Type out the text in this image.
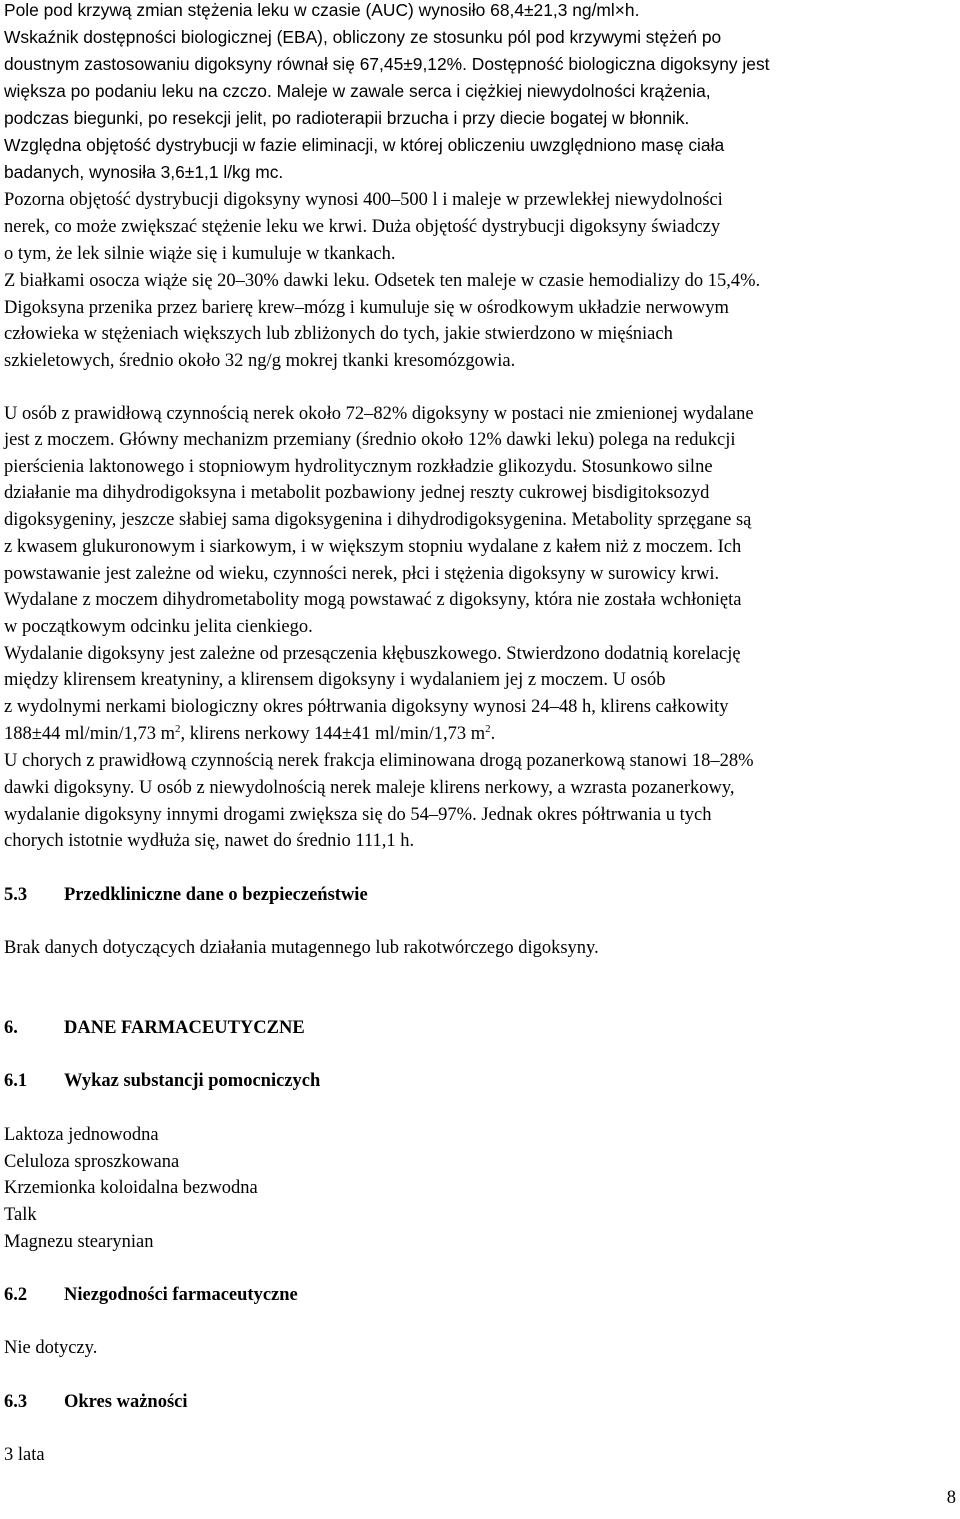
Pole pod krzywą zmian stężenia leku w czasie (AUC) wynosiło 68,4±21,3 ng/ml×h.
Wskaźnik dostępności biologicznej (EBA), obliczony ze stosunku pól pod krzywymi stężeń po
doustnym zastosowaniu digoksyny równał się 67,45±9,12%. Dostępność biologiczna digoksyny jest
większa po podaniu leku na czczo. Maleje w zawale serca i ciężkiej niewydolności krążenia,
podczas biegunki, po resekcji jelit, po radioterapii brzucha i przy diecie bogatej w błonnik.
Względna objętość dystrybucji w fazie eliminacji, w której obliczeniu uwzględniono masę ciała
badanych, wynosiła 3,6±1,1 l/kg mc.
Pozorna objętość dystrybucji digoksyny wynosi 400–500 l i maleje w przewlekłej niewydolności
nerek, co może zwiększać stężenie leku we krwi. Duża objętość dystrybucji digoksyny świadczy
o tym, że lek silnie wiąże się i kumuluje w tkankach.
Z białkami osocza wiąże się 20–30% dawki leku. Odsetek ten maleje w czasie hemodializy do 15,4%.
Digoksyna przenika przez barierę krew–mózg i kumuluje się w ośrodkowym układzie nerwowym
człowieka w stężeniach większych lub zbliżonych do tych, jakie stwierdzono w mięśniach
szkieletowych, średnio około 32 ng/g mokrej tkanki kresomózgowia.
U osób z prawidłową czynnością nerek około 72–82% digoksyny w postaci nie zmienionej wydalane
jest z moczem. Główny mechanizm przemiany (średnio około 12% dawki leku) polega na redukcji
pierścienia laktonowego i stopniowym hydrolitycznym rozkładzie glikozydu. Stosunkowo silne
działanie ma dihydrodigoksyna i metabolit pozbawiony jednej reszty cukrowej bisdigitoksozyd
digoksygeniny, jeszcze słabiej sama digoksygenina i dihydrodigoksygenina. Metabolity sprzęgane są
z kwasem glukuronowym i siarkowym, i w większym stopniu wydalane z kałem niż z moczem. Ich
powstawanie jest zależne od wieku, czynności nerek, płci i stężenia digoksyny w surowicy krwi.
Wydalane z moczem dihydrometabolity mogą powstawać z digoksyny, która nie została wchłonięta
w początkowym odcinku jelita cienkiego.
Wydalanie digoksyny jest zależne od przesączenia kłębuszkowego. Stwierdzono dodatnią korelację
między klirensem kreatyniny, a klirensem digoksyny i wydalaniem jej z moczem. U osób
z wydolnymi nerkami biologiczny okres półtrwania digoksyny wynosi 24–48 h, klirens całkowity
188±44 ml/min/1,73 $m^2$, klirens nerkowy 144±41 ml/min/1,73 $m^2$.
U chorych z prawidłową czynnością nerek frakcja eliminowana drogą pozanerkową stanowi 18–28%
dawki digoksyny. U osób z niewydolnością nerek maleje klirens nerkowy, a wzrasta pozanerkowy,
wydalanie digoksyny innymi drogami zwiększa się do 54–97%. Jednak okres półtrwania u tych
chorych istotnie wydłuża się, nawet do średnio 111,1 h.
5.3 Przedkliniczne dane o bezpieczeństwie
Brak danych dotyczących działania mutagennego lub rakotwórczego digoksyny.
6. DANE FARMACEUTYCZNE
6.1 Wykaz substancji pomocniczych
Laktoza jednowodna
Celuloza sproszkowana
Krzemionka koloidalna bezwodna
Talk
Magnezu stearynian
6.2 Niezgodności farmaceutyczne
Nie dotyczy.
6.3 Okres ważności
3 lata
8
